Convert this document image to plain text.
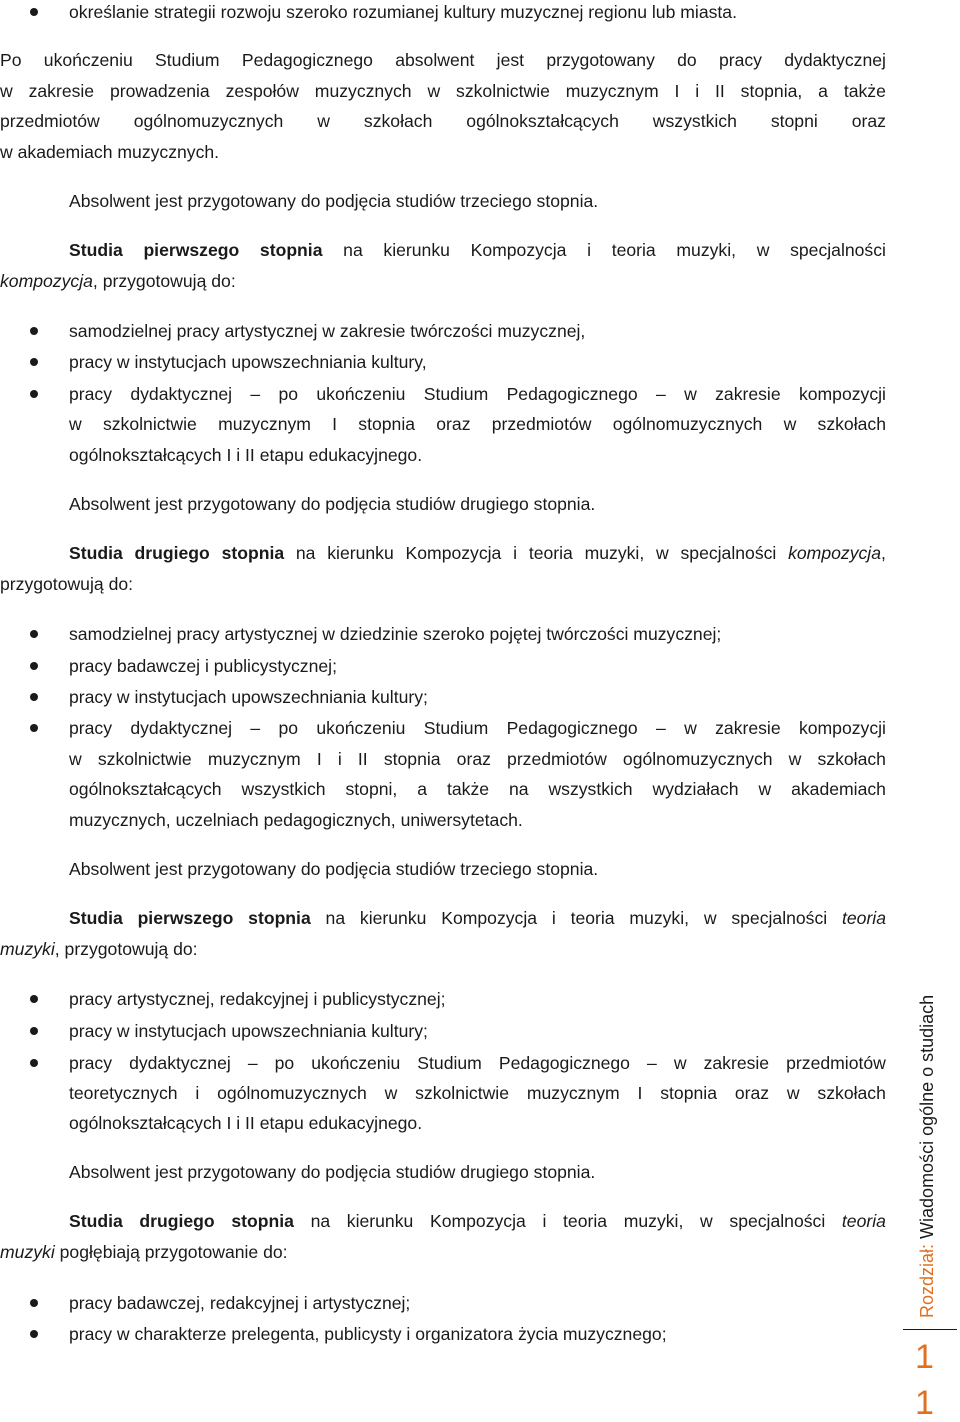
określanie strategii rozwoju szeroko rozumianej kultury muzycznej regionu lub miasta.
Po ukończeniu Studium Pedagogicznego absolwent jest przygotowany do pracy dydaktycznej
w zakresie prowadzenia zespołów muzycznych w szkolnictwie muzycznym I i II stopnia, a także
przedmiotów ogólnomuzycznych w szkołach ogólnokształcących wszystkich stopni oraz
w akademiach muzycznych.
Absolwent jest przygotowany do podjęcia studiów trzeciego stopnia.
Studia pierwszego stopnia na kierunku Kompozycja i teoria muzyki, w specjalności
kompozycja, przygotowują do:
samodzielnej pracy artystycznej w zakresie twórczości muzycznej,
pracy w instytucjach upowszechniania kultury,
pracy dydaktycznej – po ukończeniu Studium Pedagogicznego – w zakresie kompozycji
w szkolnictwie muzycznym I stopnia oraz przedmiotów ogólnomuzycznych w szkołach
ogólnokształcących I i II etapu edukacyjnego.
Absolwent jest przygotowany do podjęcia studiów drugiego stopnia.
Studia drugiego stopnia na kierunku Kompozycja i teoria muzyki, w specjalności kompozycja,
przygotowują do:
samodzielnej pracy artystycznej w dziedzinie szeroko pojętej twórczości muzycznej;
pracy badawczej i publicystycznej;
pracy w instytucjach upowszechniania kultury;
pracy dydaktycznej – po ukończeniu Studium Pedagogicznego – w zakresie kompozycji
w szkolnictwie muzycznym I i II stopnia oraz przedmiotów ogólnomuzycznych w szkołach
ogólnokształcących wszystkich stopni, a także na wszystkich wydziałach w akademiach
muzycznych, uczelniach pedagogicznych, uniwersytetach.
Absolwent jest przygotowany do podjęcia studiów trzeciego stopnia.
Studia pierwszego stopnia na kierunku Kompozycja i teoria muzyki, w specjalności teoria
muzyki, przygotowują do:
pracy artystycznej, redakcyjnej i publicystycznej;
pracy w instytucjach upowszechniania kultury;
pracy dydaktycznej – po ukończeniu Studium Pedagogicznego – w zakresie przedmiotów
teoretycznych i ogólnomuzycznych w szkolnictwie muzycznym I stopnia oraz w szkołach
ogólnokształcących I i II etapu edukacyjnego.
Absolwent jest przygotowany do podjęcia studiów drugiego stopnia.
Studia drugiego stopnia na kierunku Kompozycja i teoria muzyki, w specjalności teoria
muzyki pogłębiają przygotowanie do:
pracy badawczej, redakcyjnej i artystycznej;
pracy w charakterze prelegenta, publicysty i organizatora życia muzycznego;
Rozdział: Wiadomości ogólne o studiach
1
1
